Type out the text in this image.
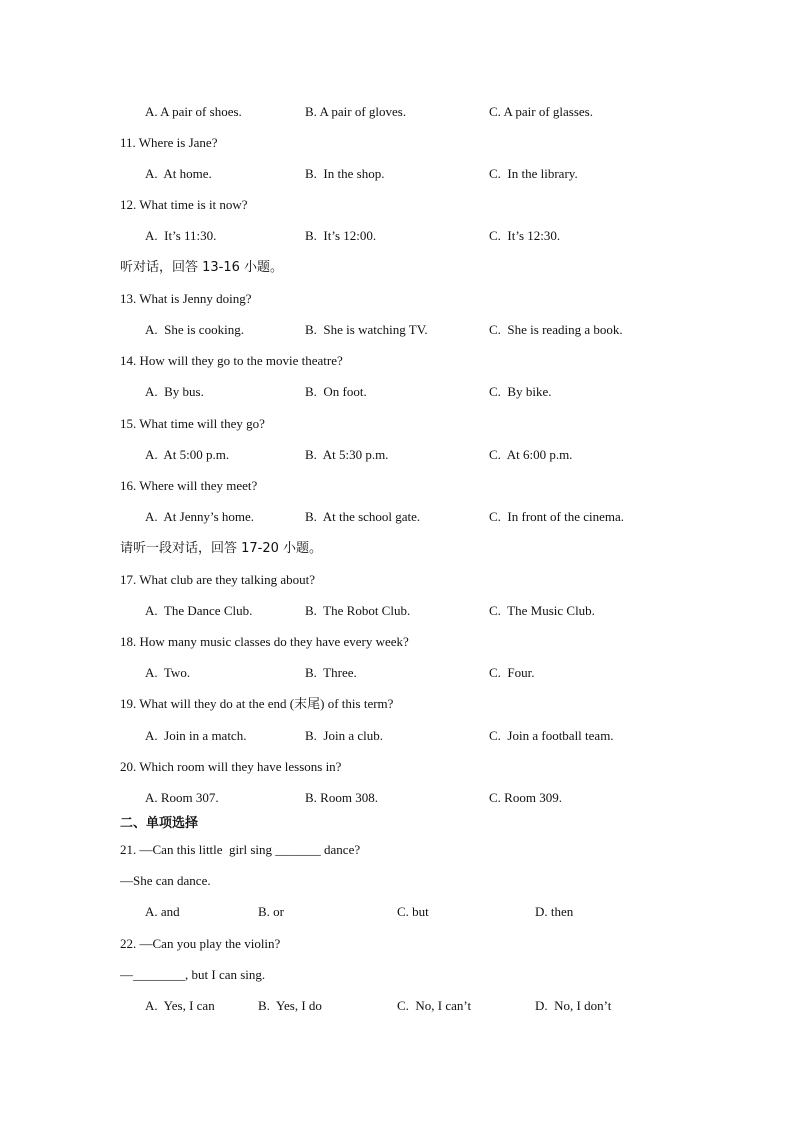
A. A pair of shoes.	B. A pair of gloves.	C. A pair of glasses.
11. Where is Jane?
A.  At home.	B.  In the shop.	C.  In the library.
12. What time is it now?
A.  It’s 11:30.	B.  It’s 12:00.	C.  It’s 12:30.
听对话，回答 13-16 小题。
13. What is Jenny doing?
A.  She is cooking.	B.  She is watching TV.	C.  She is reading a book.
14. How will they go to the movie theatre?
A.  By bus.	B.  On foot.	C.  By bike.
15. What time will they go?
A.  At 5:00 p.m.	B.  At 5:30 p.m.	C.  At 6:00 p.m.
16. Where will they meet?
A.  At Jenny’s home.	B.  At the school gate.	C.  In front of the cinema.
请听一段对话，回答 17-20 小题。
17. What club are they talking about?
A.  The Dance Club.	B.  The Robot Club.	C.  The Music Club.
18. How many music classes do they have every week?
A.  Two.	B.  Three.	C.  Four.
19. What will they do at the end (末尾) of this term?
A.  Join in a match.	B.  Join a club.	C.  Join a football team.
20. Which room will they have lessons in?
A. Room 307.	B. Room 308.	C. Room 309.
二、单项选择
21. —Can this little  girl sing _______ dance?
—She can dance.
A. and	B. or	C. but	D. then
22. —Can you play the violin?
—________, but I can sing.
A.  Yes, I can	B.  Yes, I do	C.  No, I can’t	D.  No, I don’t
